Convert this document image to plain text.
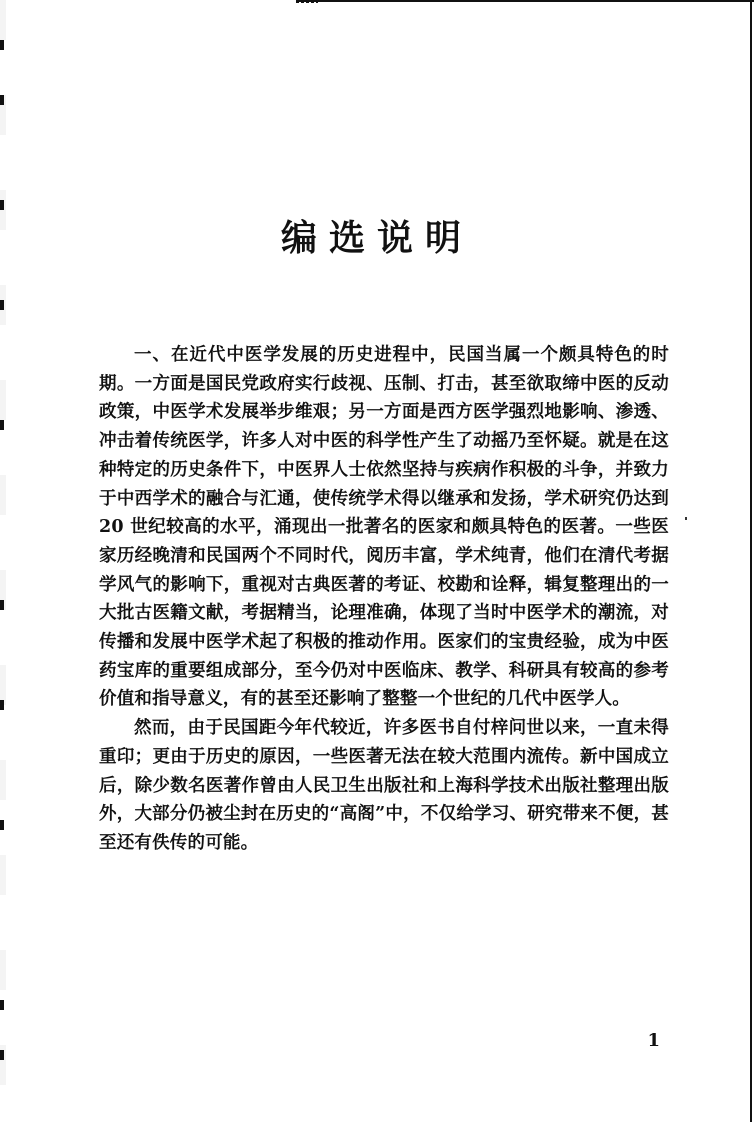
编选说明

一、在近代中医学发展的历史进程中，民国当属一个颇具特色的时期。一方面是国民党政府实行歧视、压制、打击，甚至欲取缔中医的反动政策，中医学术发展举步维艰；另一方面是西方医学强烈地影响、渗透、冲击着传统医学，许多人对中医的科学性产生了动摇乃至怀疑。就是在这种特定的历史条件下，中医界人士依然坚持与疾病作积极的斗争，并致力于中西学术的融合与汇通，使传统学术得以继承和发扬，学术研究仍达到 20 世纪较高的水平，涌现出一批著名的医家和颇具特色的医著。一些医家历经晚清和民国两个不同时代，阅历丰富，学术纯青，他们在清代考据学风气的影响下，重视对古典医著的考证、校勘和诠释，辑复整理出的一大批古医籍文献，考据精当，论理准确，体现了当时中医学术的潮流，对传播和发展中医学术起了积极的推动作用。医家们的宝贵经验，成为中医药宝库的重要组成部分，至今仍对中医临床、教学、科研具有较高的参考价值和指导意义，有的甚至还影响了整整一个世纪的几代中医学人。

然而，由于民国距今年代较近，许多医书自付梓问世以来，一直未得重印；更由于历史的原因，一些医著无法在较大范围内流传。新中国成立后，除少数名医著作曾由人民卫生出版社和上海科学技术出版社整理出版外，大部分仍被尘封在历史的“高阁”中，不仅给学习、研究带来不便，甚至还有佚传的可能。

1
